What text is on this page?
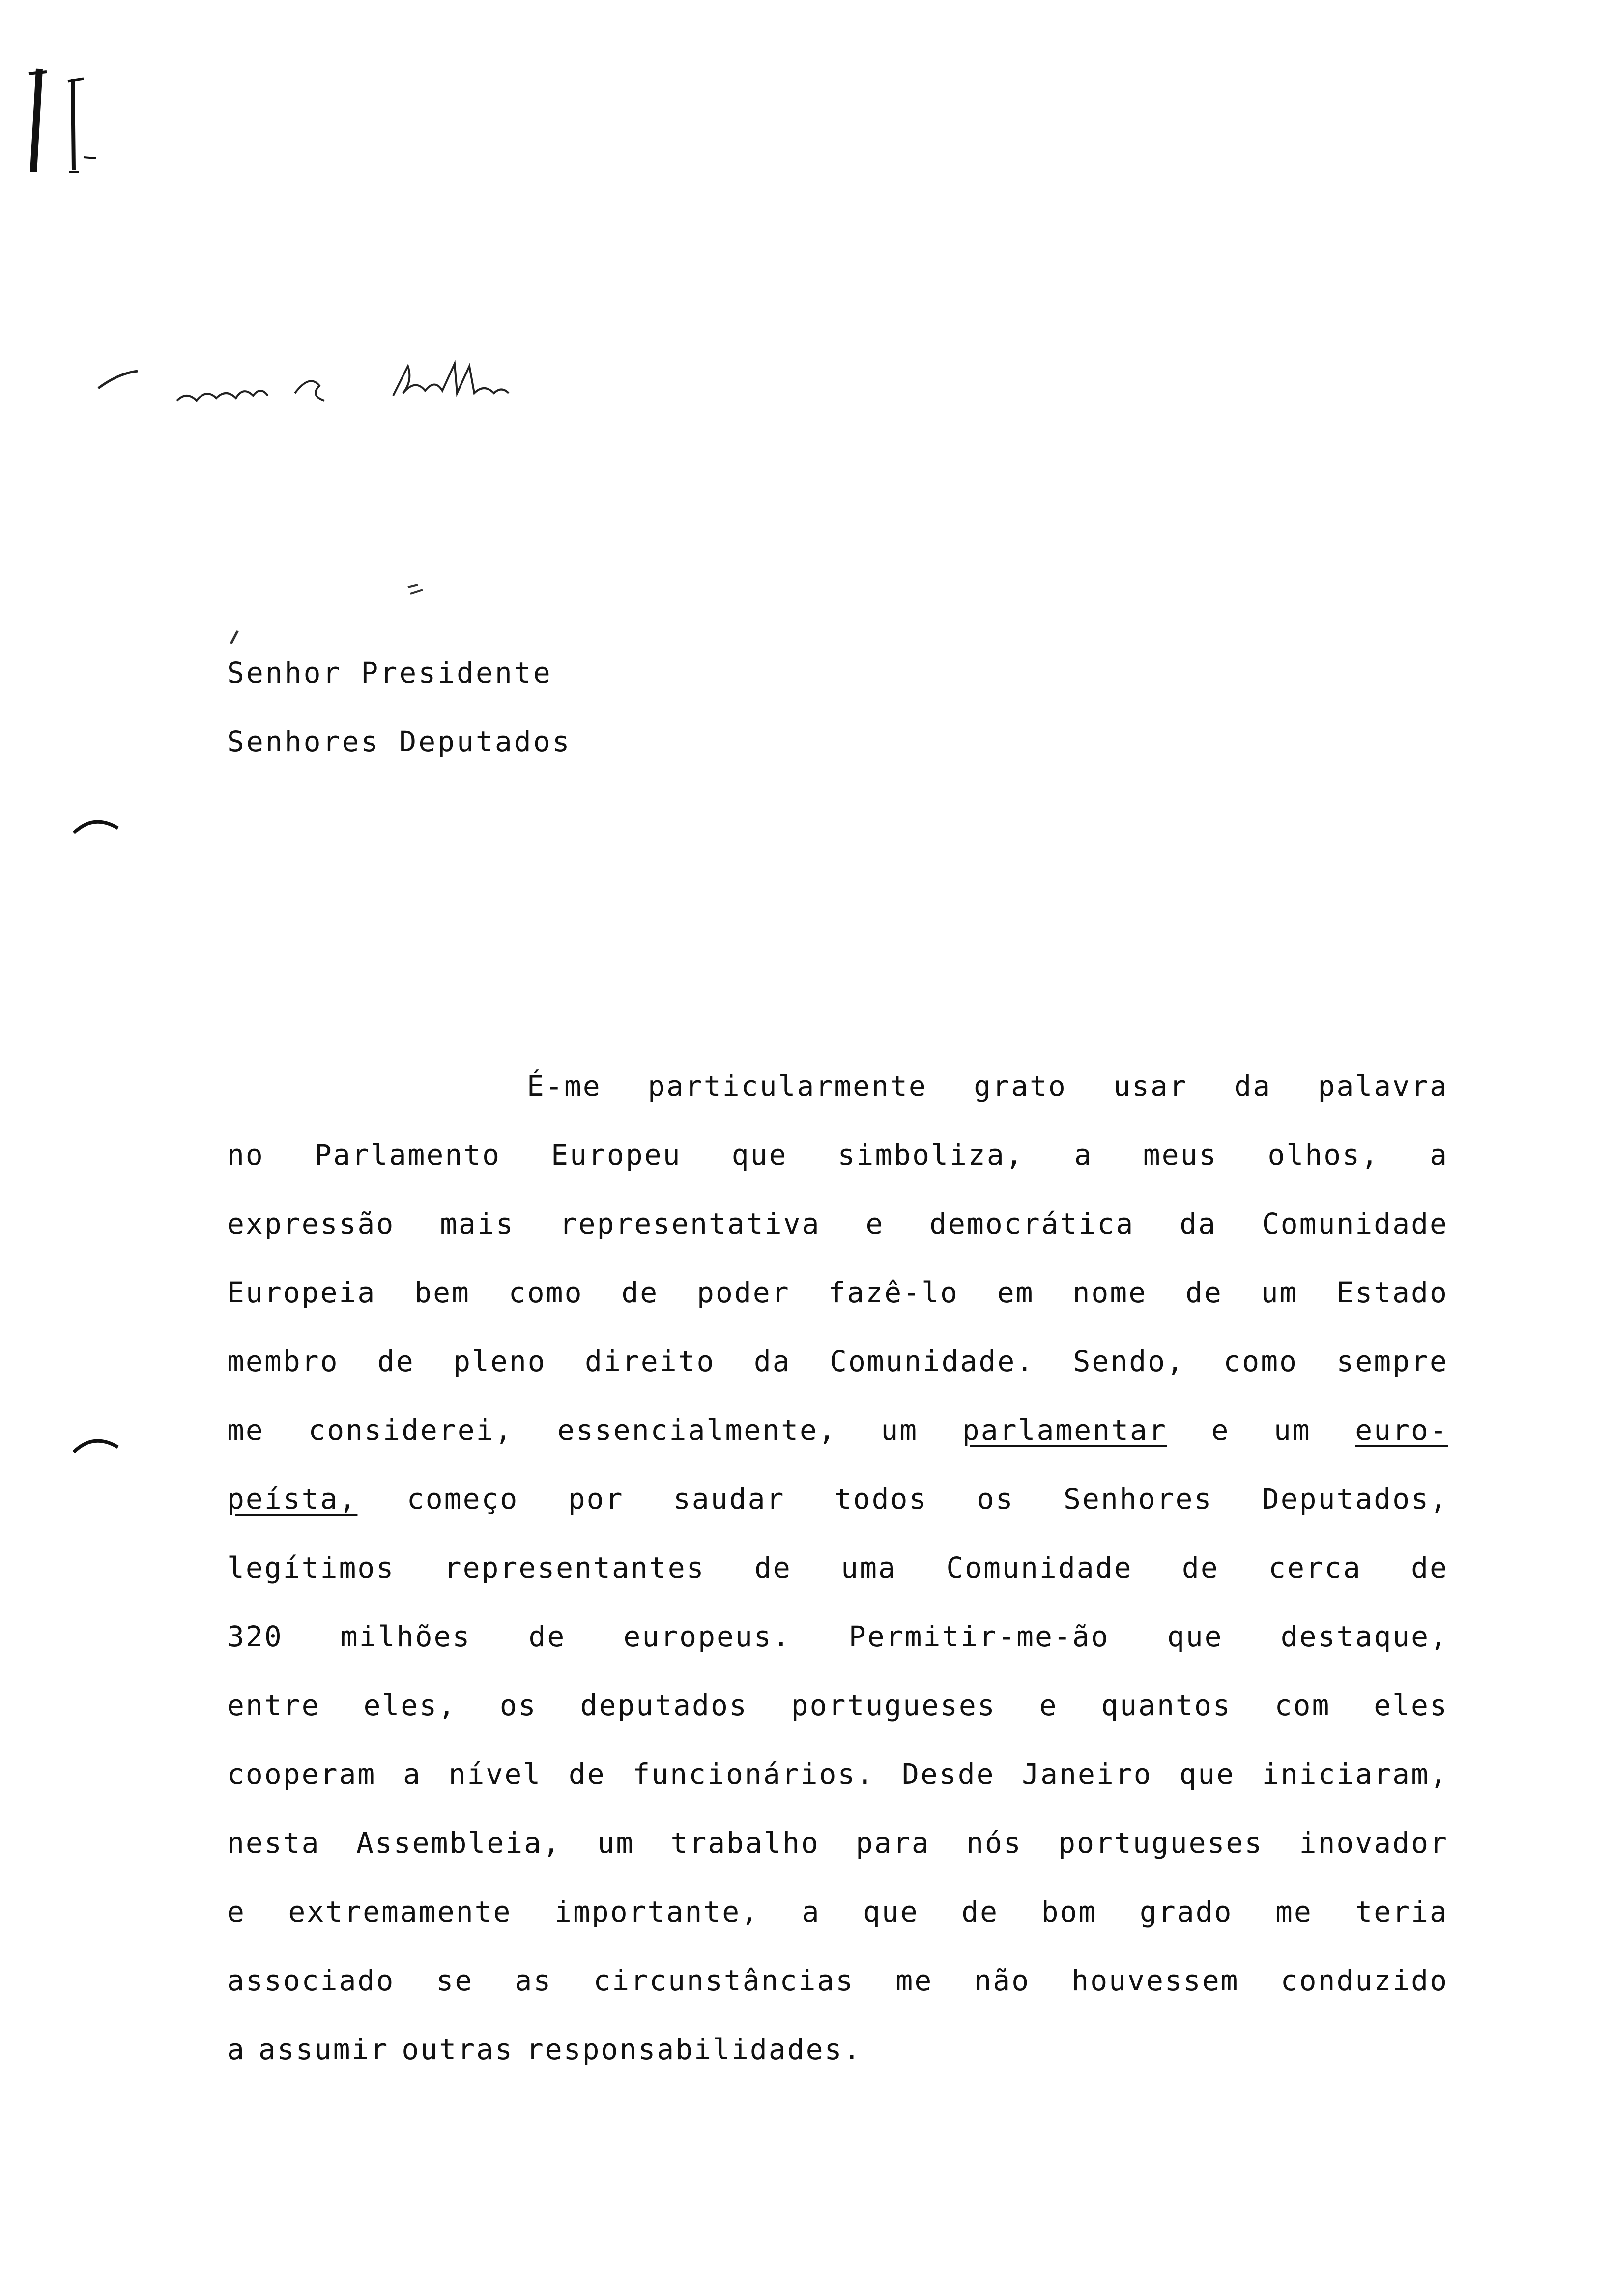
Senhor Presidente
Senhores Deputados
É-me particularmente grato usar da palavra
no Parlamento Europeu que simboliza, a meus olhos, a
expressão mais representativa e democrática da Comunidade
Europeia bem como de poder fazê-lo em nome de um Estado
membro de pleno direito da Comunidade. Sendo, como sempre
me considerei, essencialmente, um parlamentar e um euro-
peísta, começo por saudar todos os Senhores Deputados,
legítimos representantes de uma Comunidade de cerca de
320 milhões de europeus. Permitir-me-ão que destaque,
entre eles, os deputados portugueses e quantos com eles
cooperam a nível de funcionários. Desde Janeiro que iniciaram,
nesta Assembleia, um trabalho para nós portugueses inovador
e extremamente importante, a que de bom grado me teria
associado se as circunstâncias me não houvessem conduzido
a assumir outras responsabilidades.
